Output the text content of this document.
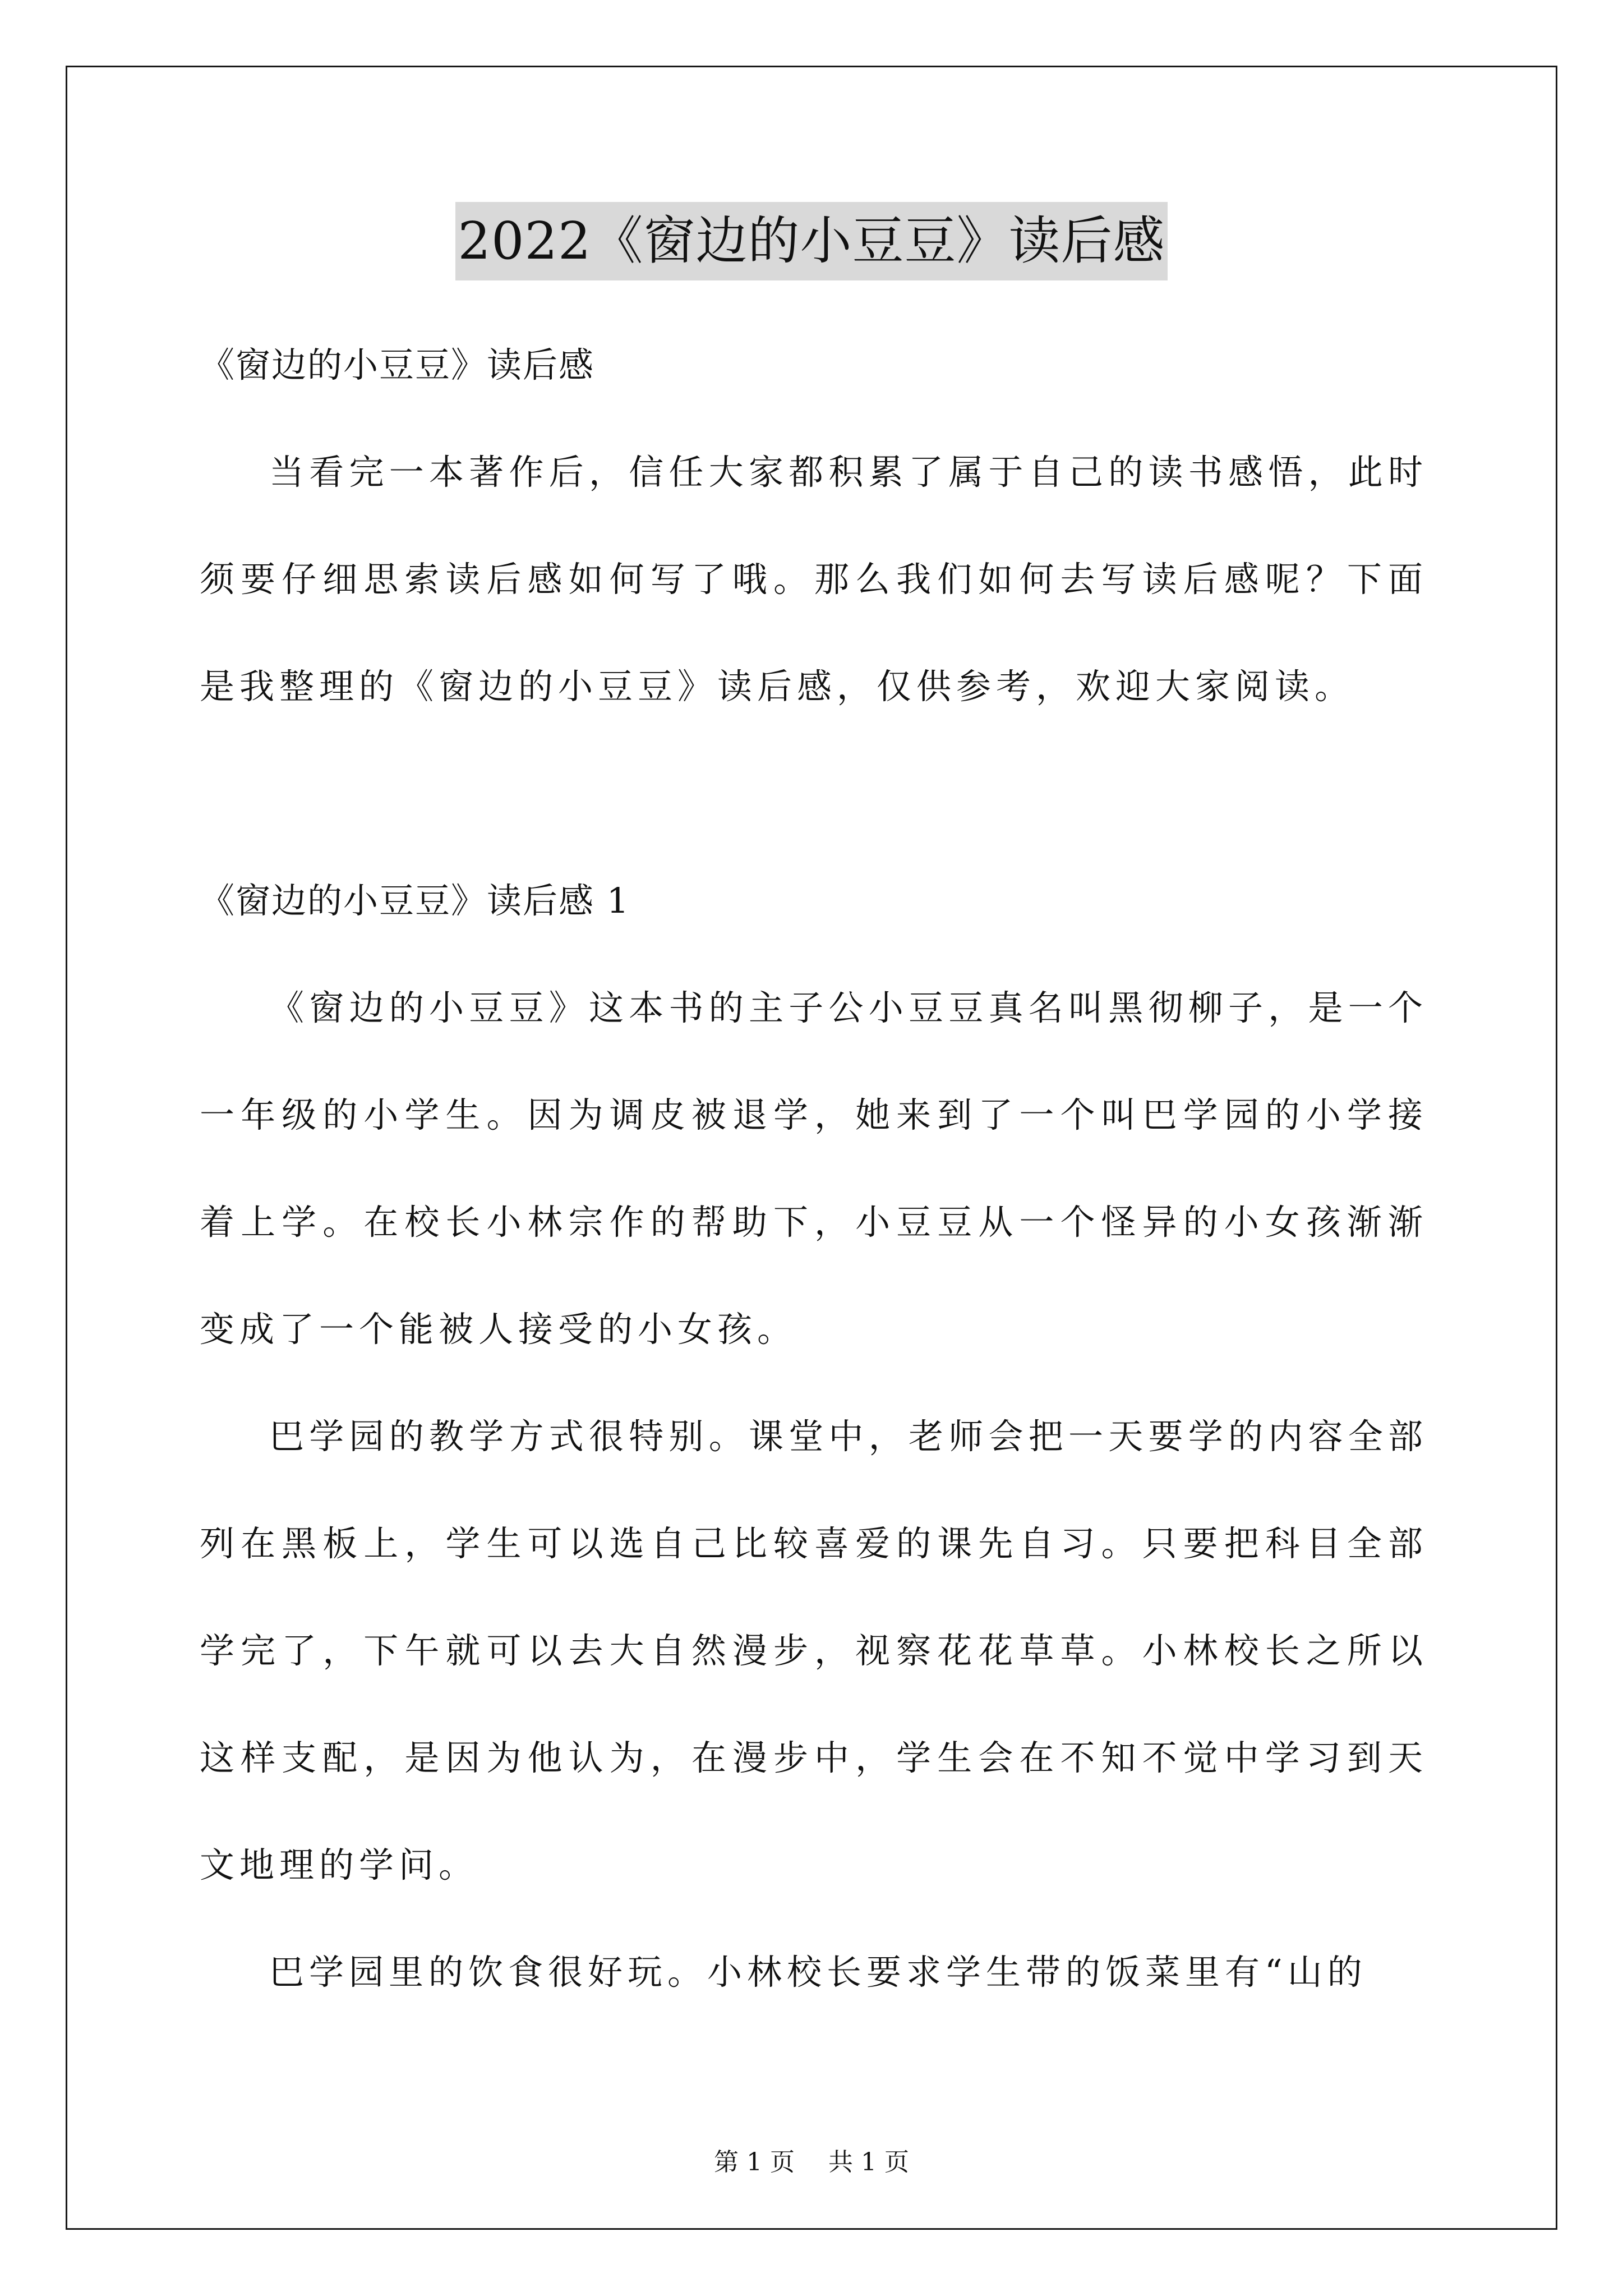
2022《窗边的小豆豆》读后感

《窗边的小豆豆》读后感

当看完一本著作后，信任大家都积累了属于自己的读书感悟，此时须要仔细思索读后感如何写了哦。那么我们如何去写读后感呢？下面是我整理的《窗边的小豆豆》读后感，仅供参考，欢迎大家阅读。

《窗边的小豆豆》读后感 1

《窗边的小豆豆》这本书的主子公小豆豆真名叫黑彻柳子，是一个一年级的小学生。因为调皮被退学，她来到了一个叫巴学园的小学接着上学。在校长小林宗作的帮助下，小豆豆从一个怪异的小女孩渐渐变成了一个能被人接受的小女孩。

巴学园的教学方式很特别。课堂中，老师会把一天要学的内容全部列在黑板上，学生可以选自己比较喜爱的课先自习。只要把科目全部学完了，下午就可以去大自然漫步，视察花花草草。小林校长之所以这样支配，是因为他认为，在漫步中，学生会在不知不觉中学习到天文地理的学问。

巴学园里的饮食很好玩。小林校长要求学生带的饭菜里有“山的

第 1 页 共 1 页
